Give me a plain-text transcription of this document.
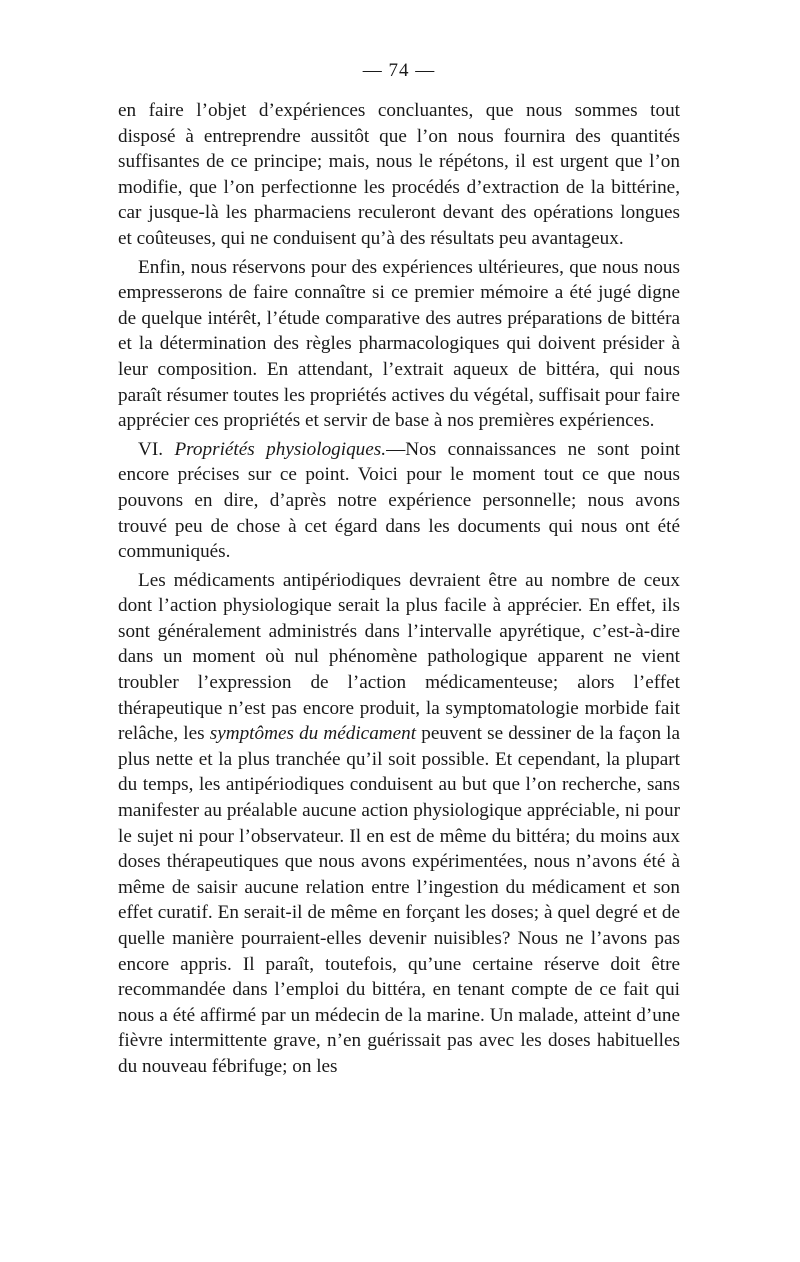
— 74 —

en faire l’objet d’expériences concluantes, que nous sommes tout disposé à entreprendre aussitôt que l’on nous fournira des quantités suffisantes de ce principe; mais, nous le répétons, il est urgent que l’on modifie, que l’on perfectionne les procédés d’extraction de la bittérine, car jusque-là les pharmaciens reculeront devant des opérations longues et coûteuses, qui ne conduisent qu’à des résultats peu avantageux.

Enfin, nous réservons pour des expériences ultérieures, que nous nous empresserons de faire connaître si ce premier mémoire a été jugé digne de quelque intérêt, l’étude comparative des autres préparations de bittéra et la détermination des règles pharmacologiques qui doivent présider à leur composition. En attendant, l’extrait aqueux de bittéra, qui nous paraît résumer toutes les propriétés actives du végétal, suffisait pour faire apprécier ces propriétés et servir de base à nos premières expériences.

VI. Propriétés physiologiques.—Nos connaissances ne sont point encore précises sur ce point. Voici pour le moment tout ce que nous pouvons en dire, d’après notre expérience personnelle; nous avons trouvé peu de chose à cet égard dans les documents qui nous ont été communiqués.

Les médicaments antipériodiques devraient être au nombre de ceux dont l’action physiologique serait la plus facile à apprécier. En effet, ils sont généralement administrés dans l’intervalle apyrétique, c’est-à-dire dans un moment où nul phénomène pathologique apparent ne vient troubler l’expression de l’action médicamenteuse; alors l’effet thérapeutique n’est pas encore produit, la symptomatologie morbide fait relâche, les symptômes du médicament peuvent se dessiner de la façon la plus nette et la plus tranchée qu’il soit possible. Et cependant, la plupart du temps, les antipériodiques conduisent au but que l’on recherche, sans manifester au préalable aucune action physiologique appréciable, ni pour le sujet ni pour l’observateur. Il en est de même du bittéra; du moins aux doses thérapeutiques que nous avons expérimentées, nous n’avons été à même de saisir aucune relation entre l’ingestion du médicament et son effet curatif. En serait-il de même en forçant les doses; à quel degré et de quelle manière pourraient-elles devenir nuisibles? Nous ne l’avons pas encore appris. Il paraît, toutefois, qu’une certaine réserve doit être recommandée dans l’emploi du bittéra, en tenant compte de ce fait qui nous a été affirmé par un médecin de la marine. Un malade, atteint d’une fièvre intermittente grave, n’en guérissait pas avec les doses habituelles du nouveau fébrifuge; on les
